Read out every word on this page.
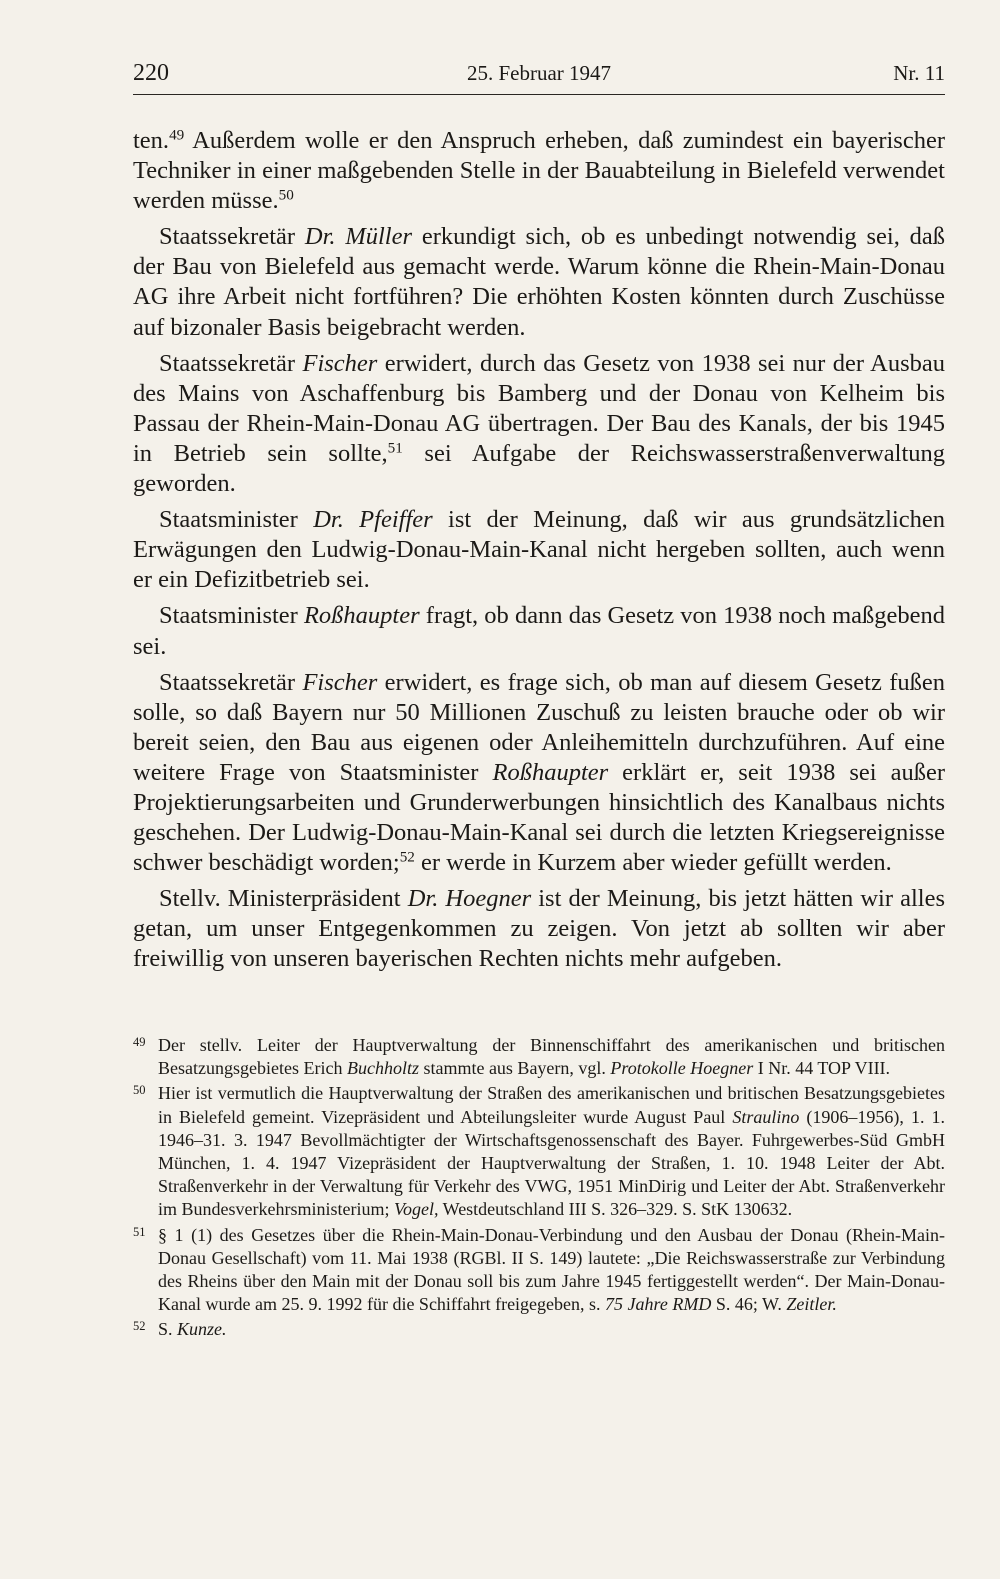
220	25. Februar 1947	Nr. 11

ten.$^{49}$ Außerdem wolle er den Anspruch erheben, daß zumindest ein bayerischer Techniker in einer maßgebenden Stelle in der Bauabteilung in Bielefeld verwendet werden müsse.$^{50}$

Staatssekretär Dr. Müller erkundigt sich, ob es unbedingt notwendig sei, daß der Bau von Bielefeld aus gemacht werde. Warum könne die Rhein-Main-Donau AG ihre Arbeit nicht fortführen? Die erhöhten Kosten könnten durch Zuschüsse auf bizonaler Basis beigebracht werden.

Staatssekretär Fischer erwidert, durch das Gesetz von 1938 sei nur der Ausbau des Mains von Aschaffenburg bis Bamberg und der Donau von Kelheim bis Passau der Rhein-Main-Donau AG übertragen. Der Bau des Kanals, der bis 1945 in Betrieb sein sollte,$^{51}$ sei Aufgabe der Reichswasserstraßenverwaltung geworden.

Staatsminister Dr. Pfeiffer ist der Meinung, daß wir aus grundsätzlichen Erwägungen den Ludwig-Donau-Main-Kanal nicht hergeben sollten, auch wenn er ein Defizitbetrieb sei.

Staatsminister Roßhaupter fragt, ob dann das Gesetz von 1938 noch maßgebend sei.

Staatssekretär Fischer erwidert, es frage sich, ob man auf diesem Gesetz fußen solle, so daß Bayern nur 50 Millionen Zuschuß zu leisten brauche oder ob wir bereit seien, den Bau aus eigenen oder Anleihemitteln durchzuführen. Auf eine weitere Frage von Staatsminister Roßhaupter erklärt er, seit 1938 sei außer Projektierungsarbeiten und Grunderwerbungen hinsichtlich des Kanalbaus nichts geschehen. Der Ludwig-Donau-Main-Kanal sei durch die letzten Kriegsereignisse schwer beschädigt worden;$^{52}$ er werde in Kurzem aber wieder gefüllt werden.

Stellv. Ministerpräsident Dr. Hoegner ist der Meinung, bis jetzt hätten wir alles getan, um unser Entgegenkommen zu zeigen. Von jetzt ab sollten wir aber freiwillig von unseren bayerischen Rechten nichts mehr aufgeben.

49 Der stellv. Leiter der Hauptverwaltung der Binnenschiffahrt des amerikanischen und britischen Besatzungsgebietes Erich Buchholtz stammte aus Bayern, vgl. Protokolle Hoegner I Nr. 44 TOP VIII.
50 Hier ist vermutlich die Hauptverwaltung der Straßen des amerikanischen und britischen Besatzungsgebietes in Bielefeld gemeint. Vizepräsident und Abteilungsleiter wurde August Paul Straulino (1906–1956), 1. 1. 1946–31. 3. 1947 Bevollmächtigter der Wirtschaftsgenossenschaft des Bayer. Fuhrgewerbes-Süd GmbH München, 1. 4. 1947 Vizepräsident der Hauptverwaltung der Straßen, 1. 10. 1948 Leiter der Abt. Straßenverkehr in der Verwaltung für Verkehr des VWG, 1951 MinDirig und Leiter der Abt. Straßenverkehr im Bundesverkehrsministerium; Vogel, Westdeutschland III S. 326–329. S. StK 130632.
51 § 1 (1) des Gesetzes über die Rhein-Main-Donau-Verbindung und den Ausbau der Donau (Rhein-Main-Donau Gesellschaft) vom 11. Mai 1938 (RGBl. II S. 149) lautete: „Die Reichswasserstraße zur Verbindung des Rheins über den Main mit der Donau soll bis zum Jahre 1945 fertiggestellt werden“. Der Main-Donau-Kanal wurde am 25. 9. 1992 für die Schiffahrt freigegeben, s. 75 Jahre RMD S. 46; W. Zeitler.
52 S. Kunze.
